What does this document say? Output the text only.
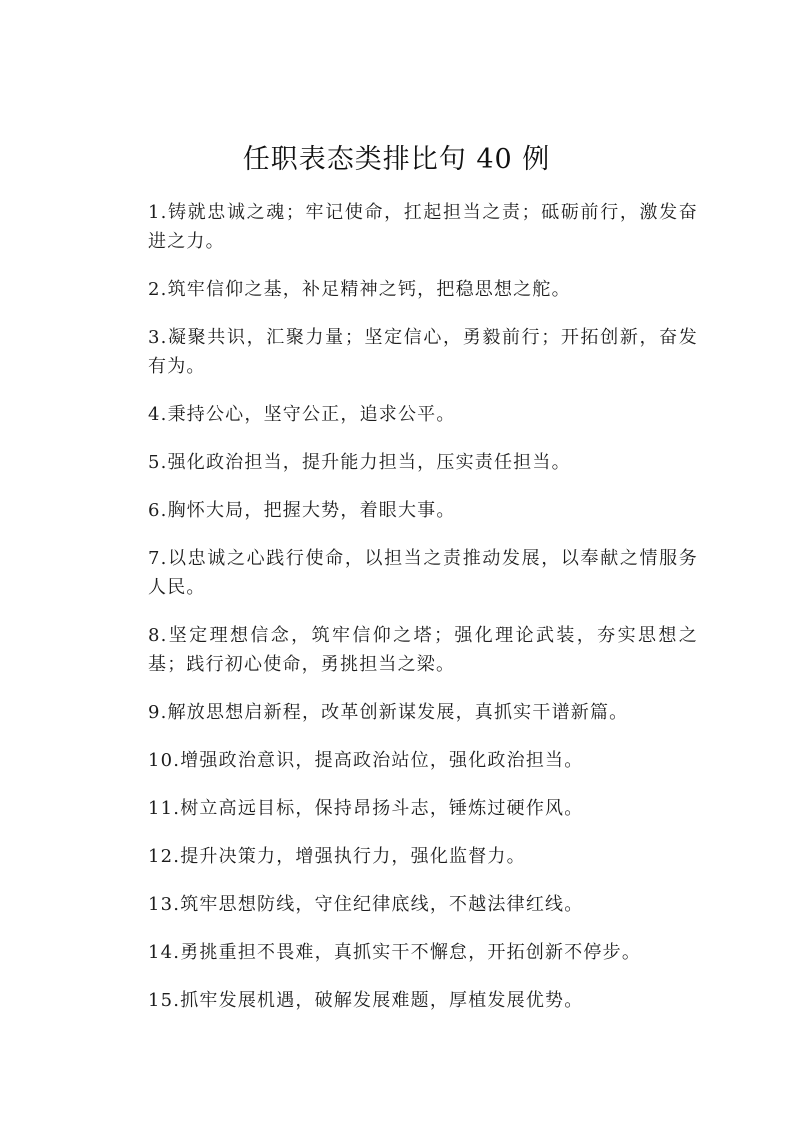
任职表态类排比句 40 例
1.铸就忠诚之魂；牢记使命，扛起担当之责；砥砺前行，激发奋进之力。
2.筑牢信仰之基，补足精神之钙，把稳思想之舵。
3.凝聚共识，汇聚力量；坚定信心，勇毅前行；开拓创新，奋发有为。
4.秉持公心，坚守公正，追求公平。
5.强化政治担当，提升能力担当，压实责任担当。
6.胸怀大局，把握大势，着眼大事。
7.以忠诚之心践行使命，以担当之责推动发展，以奉献之情服务人民。
8.坚定理想信念，筑牢信仰之塔；强化理论武装，夯实思想之基；践行初心使命，勇挑担当之梁。
9.解放思想启新程，改革创新谋发展，真抓实干谱新篇。
10.增强政治意识，提高政治站位，强化政治担当。
11.树立高远目标，保持昂扬斗志，锤炼过硬作风。
12.提升决策力，增强执行力，强化监督力。
13.筑牢思想防线，守住纪律底线，不越法律红线。
14.勇挑重担不畏难，真抓实干不懈怠，开拓创新不停步。
15.抓牢发展机遇，破解发展难题，厚植发展优势。
